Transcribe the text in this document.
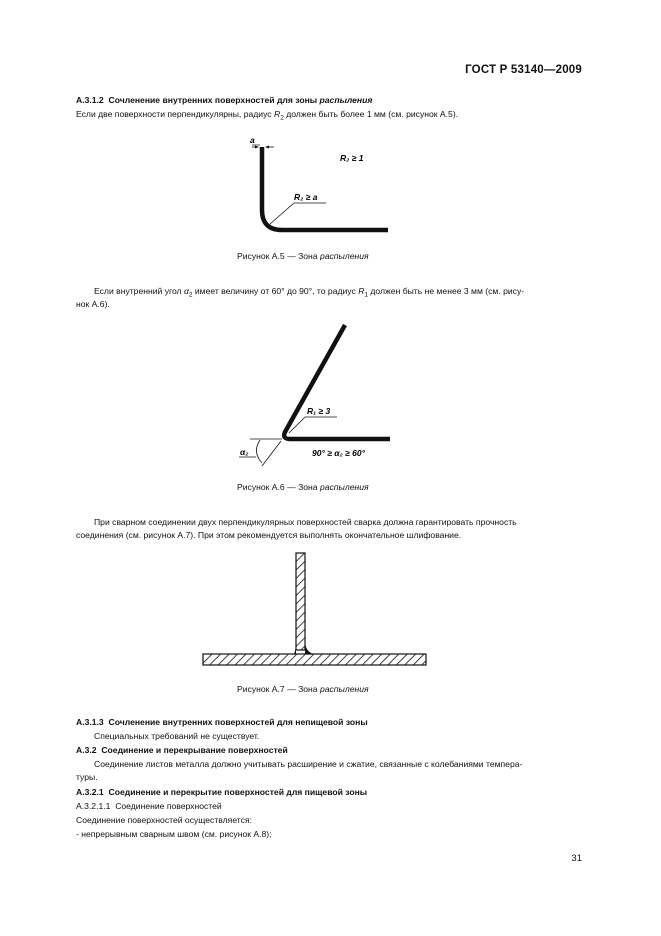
ГОСТ Р 53140—2009
А.3.1.2 Сочленение внутренних поверхностей для зоны распыления
Если две поверхности перпендикулярны, радиус $R_2$ должен быть более 1 мм (см. рисунок А.5).
a
R₂ ≥ 1
R₂ ≥ a
α₂
R₁ ≥ 3
90° ≥ α₂ ≥ 60°
Рисунок А.5 — Зона распыления
Если внутренний угол $\alpha_2$ имеет величину от 60° до 90°, то радиус $R_1$ должен быть не менее 3 мм (см. рису-
нок А.6).
Рисунок А.6 — Зона распыления
При сварном соединении двух перпендикулярных поверхностей сварка должна гарантировать прочность
соединения (см. рисунок А.7). При этом рекомендуется выполнять окончательное шлифование.
Рисунок А.7 — Зона распыления
А.3.1.3 Сочленение внутренних поверхностей для непищевой зоны
Специальных требований не существует.
А.3.2 Соединение и перекрывание поверхностей
Соединение листов металла должно учитывать расширение и сжатие, связанные с колебаниями темпера-
туры.
А.3.2.1 Соединение и перекрытие поверхностей для пищевой зоны
А.3.2.1.1 Соединение поверхностей
Соединение поверхностей осуществляется:
- непрерывным сварным швом (см. рисунок А.8);
31
